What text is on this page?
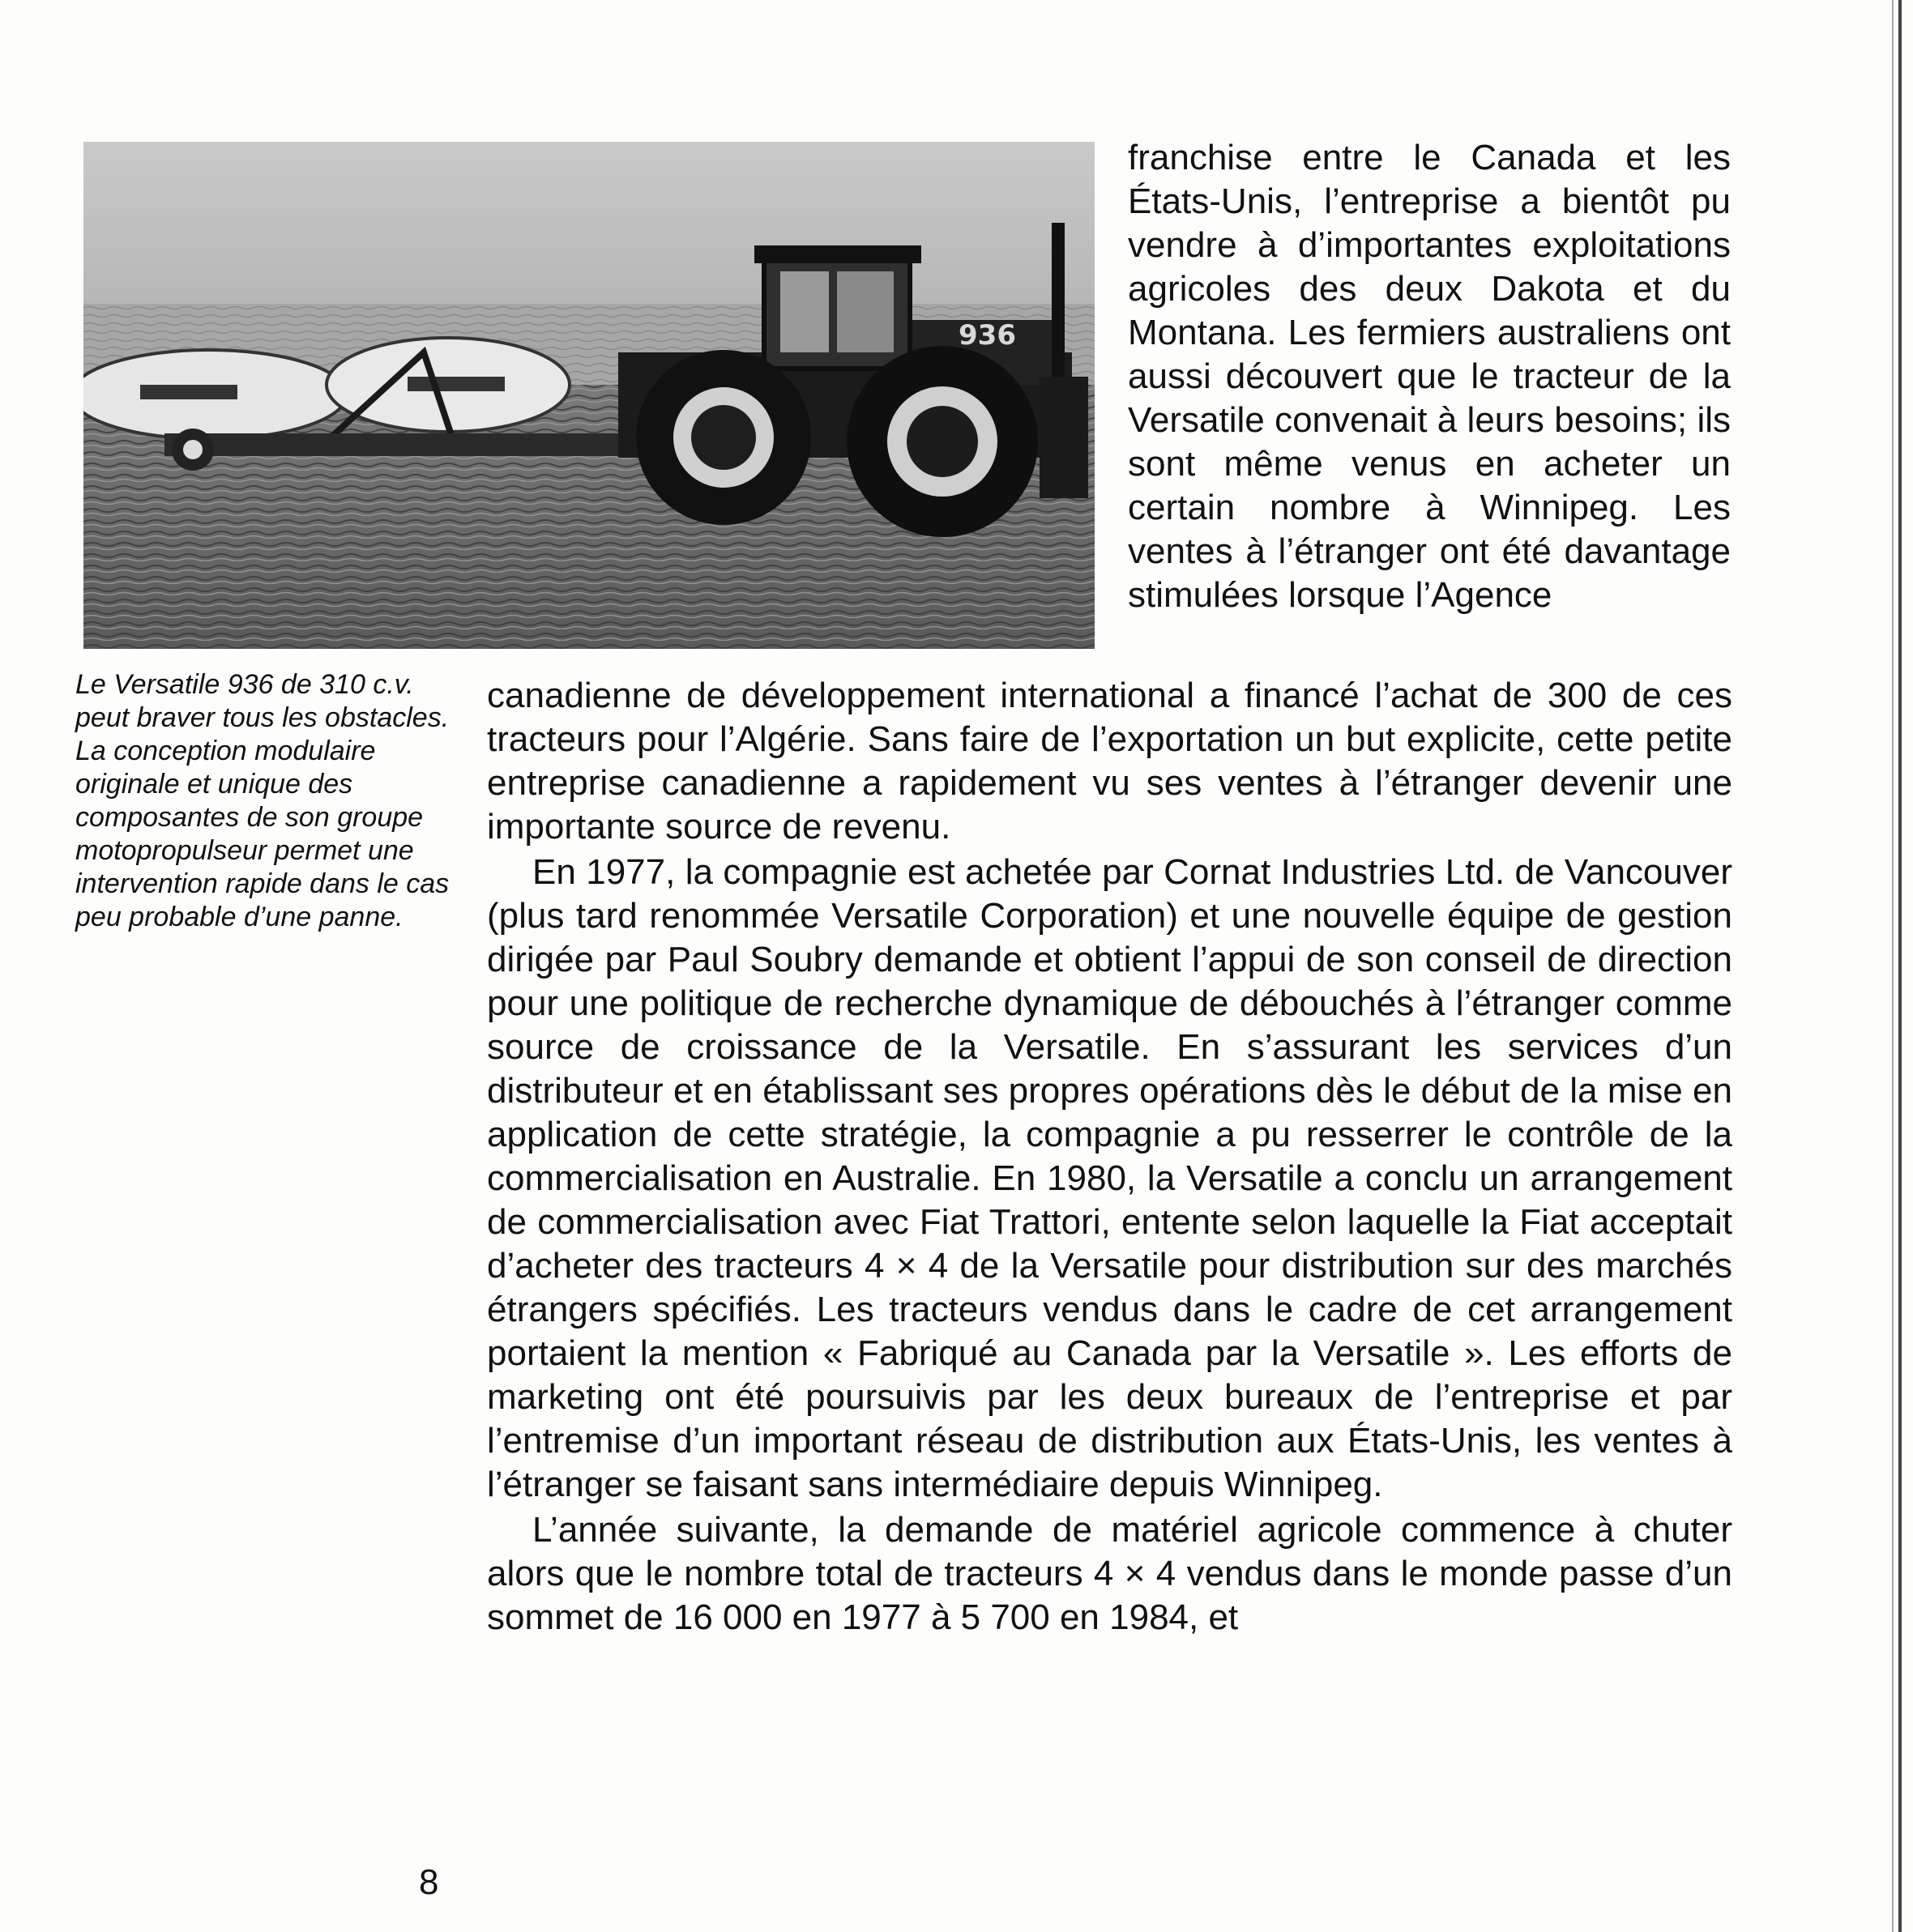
936

franchise entre le Canada et les États-Unis, l’entreprise a bientôt pu vendre à d’importantes exploitations agricoles des deux Dakota et du Montana. Les fermiers australiens ont aussi découvert que le tracteur de la Versatile convenait à leurs besoins; ils sont même venus en acheter un certain nombre à Winnipeg. Les ventes à l’étranger ont été davantage stimulées lorsque l’Agence

Le Versatile 936 de 310 c.v. peut braver tous les obstacles. La conception modulaire originale et unique des composantes de son groupe motopropulseur permet une intervention rapide dans le cas peu probable d’une panne.

canadienne de développement international a financé l’achat de 300 de ces tracteurs pour l’Algérie. Sans faire de l’exportation un but explicite, cette petite entreprise canadienne a rapidement vu ses ventes à l’étranger devenir une importante source de revenu.

En 1977, la compagnie est achetée par Cornat Industries Ltd. de Vancouver (plus tard renommée Versatile Corporation) et une nouvelle équipe de gestion dirigée par Paul Soubry demande et obtient l’appui de son conseil de direction pour une politique de recherche dynamique de débouchés à l’étranger comme source de croissance de la Versatile. En s’assurant les services d’un distributeur et en établissant ses propres opérations dès le début de la mise en application de cette stratégie, la compagnie a pu resserrer le contrôle de la commercialisation en Australie. En 1980, la Versatile a conclu un arrangement de commercialisation avec Fiat Trattori, entente selon laquelle la Fiat acceptait d’acheter des tracteurs 4 × 4 de la Versatile pour distribution sur des marchés étrangers spécifiés. Les tracteurs vendus dans le cadre de cet arrangement portaient la mention « Fabriqué au Canada par la Versatile ». Les efforts de marketing ont été poursuivis par les deux bureaux de l’entreprise et par l’entremise d’un important réseau de distribution aux États-Unis, les ventes à l’étranger se faisant sans intermédiaire depuis Winnipeg.

L’année suivante, la demande de matériel agricole commence à chuter alors que le nombre total de tracteurs 4 × 4 vendus dans le monde passe d’un sommet de 16 000 en 1977 à 5 700 en 1984, et

8
